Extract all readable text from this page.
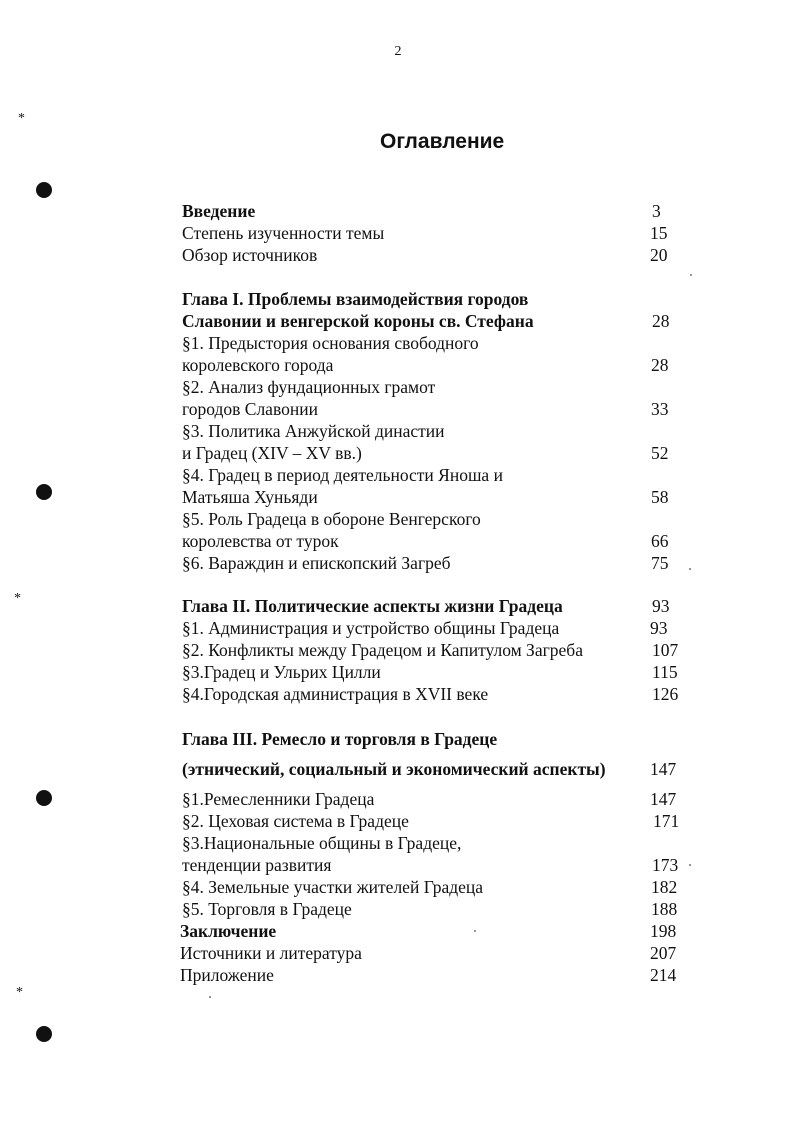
2
Оглавление
*
*
*
Введение	3
Степень изученности темы	15
Обзор источников	20
Глава I. Проблемы взаимодействия городов
Славонии и венгерской короны св. Стефана	28
§1. Предыстория основания свободного
королевского города	28
§2. Анализ фундационных грамот
городов Славонии	33
§3. Политика Анжуйской династии
и Градец (XIV – XV вв.)	52
§4. Градец в период деятельности Яноша и
Матьяша Хуньяди	58
§5. Роль Градеца в обороне Венгерского
королевства от турок	66
§6. Вараждин и епископский Загреб	75
Глава II. Политические аспекты жизни Градеца	93
§1. Администрация и устройство общины Градеца	93
§2. Конфликты между Градецом и Капитулом Загреба	107
§3.Градец и Ульрих Цилли	115
§4.Городская администрация в XVII веке	126
Глава III. Ремесло и торговля в Градеце
(этнический, социальный и экономический аспекты)	147
§1.Ремесленники Градеца	147
§2. Цеховая система в Градеце	171
§3.Национальные общины в Градеце,
тенденции развития	173
§4. Земельные участки жителей Градеца	182
§5. Торговля в Градеце	188
Заключение	198
Источники и литература	207
Приложение	214
